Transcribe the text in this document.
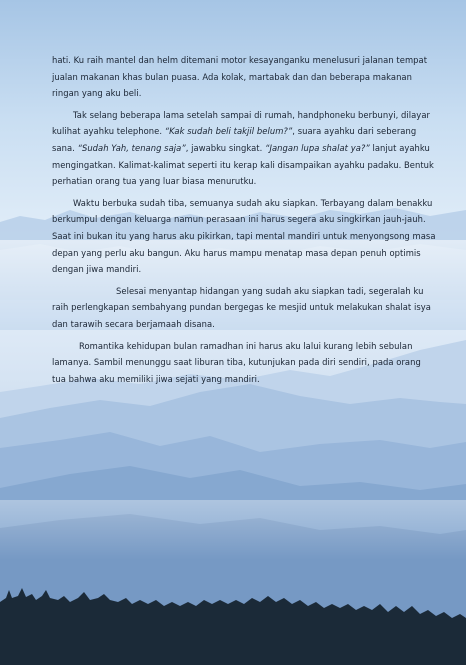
hati. Ku raih mantel dan helm ditemani motor kesayanganku menelusuri jalanan tempat jualan makanan khas bulan puasa. Ada kolak, martabak dan dan beberapa makanan ringan yang aku beli.

Tak selang beberapa lama setelah sampai di rumah, handphoneku berbunyi, dilayar kulihat ayahku telephone. “Kak sudah beli takjil belum?”, suara ayahku dari seberang sana. “Sudah Yah, tenang saja”, jawabku singkat. “Jangan lupa shalat ya?” lanjut ayahku mengingatkan. Kalimat-kalimat seperti itu kerap kali disampaikan ayahku padaku. Bentuk perhatian orang tua yang luar biasa menurutku.

Waktu berbuka sudah tiba, semuanya sudah aku siapkan. Terbayang dalam benakku berkumpul dengan keluarga namun perasaan ini harus segera aku singkirkan jauh-jauh. Saat ini bukan itu yang harus aku pikirkan, tapi mental mandiri untuk menyongsong masa depan yang perlu aku bangun. Aku harus mampu menatap masa depan penuh optimis dengan jiwa mandiri.

Selesai menyantap hidangan yang sudah aku siapkan tadi, segeralah ku raih perlengkapan sembahyang pundan bergegas ke mesjid untuk melakukan shalat isya dan tarawih secara berjamaah disana.

Romantika kehidupan bulan ramadhan ini harus aku lalui kurang lebih sebulan lamanya. Sambil menunggu saat liburan tiba, kutunjukan pada diri sendiri, pada orang tua bahwa aku memiliki jiwa sejati yang mandiri.
